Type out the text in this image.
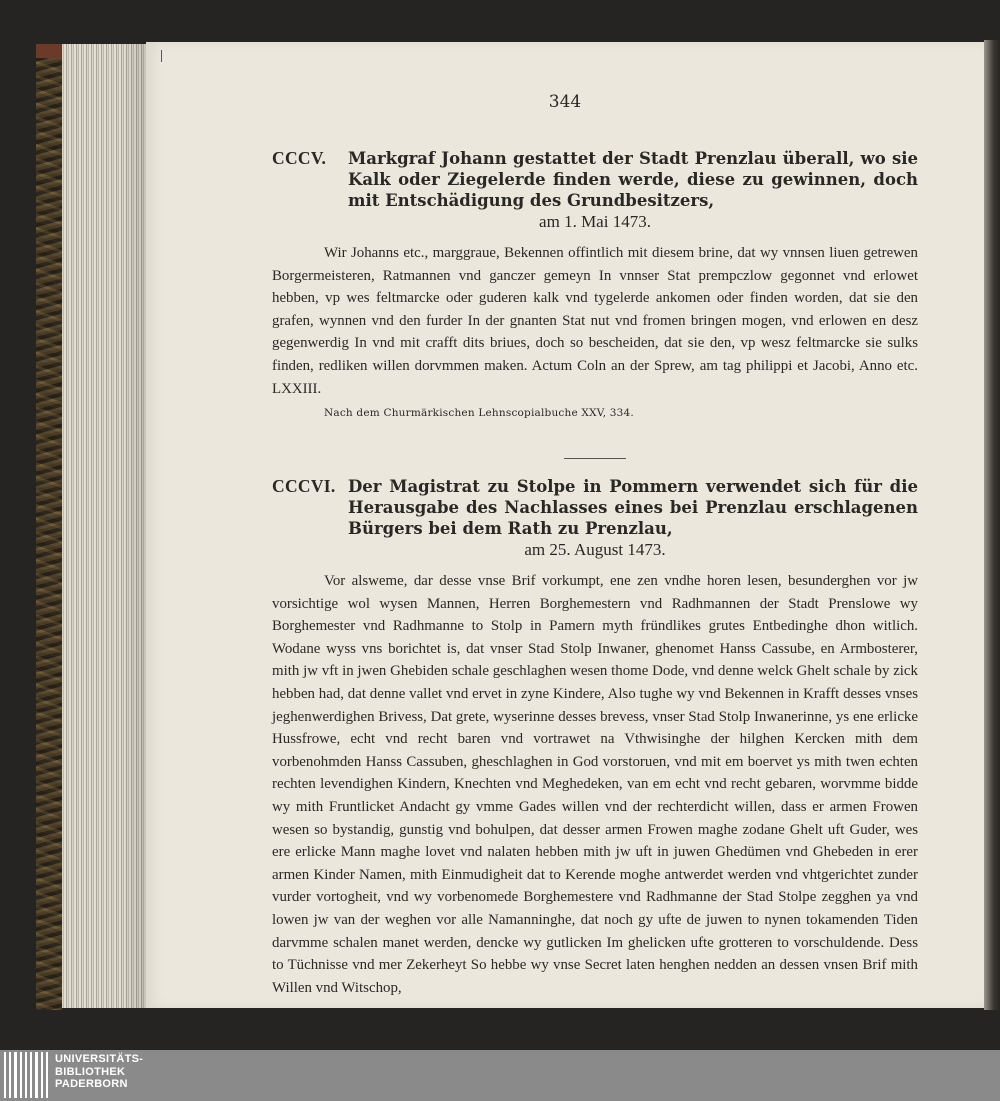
344
CCCV.	Markgraf Johann gestattet der Stadt Prenzlau überall, wo sie Kalk oder Ziegelerde finden werde, diese zu gewinnen, doch mit Entschädigung des Grundbesitzers,
am 1. Mai 1473.

Wir Johanns etc., marggraue, Bekennen offintlich mit diesem brine, dat wy vnnsen liuen getrewen Borgermeisteren, Ratmannen vnd ganczer gemeyn In vnnser Stat prempczlow gegonnet vnd erlowet hebben, vp wes feltmarcke oder guderen kalk vnd tygelerde ankomen oder finden worden, dat sie den grafen, wynnen vnd den furder In der gnanten Stat nut vnd fromen bringen mogen, vnd erlowen en desz gegenwerdig In vnd mit crafft dits briues, doch so bescheiden, dat sie den, vp wesz feltmarcke sie sulks finden, redliken willen dorvmmen maken. Actum Coln an der Sprew, am tag philippi et Jacobi, Anno etc. LXXIII.

Nach dem Churmärkischen Lehnscopialbuche XXV, 334.
CCCVI. Der Magistrat zu Stolpe in Pommern verwendet sich für die Herausgabe des Nachlasses eines bei Prenzlau erschlagenen Bürgers bei dem Rath zu Prenzlau,
am 25. August 1473.

Vor alsweme, dar desse vnse Brif vorkumpt, ene zen vndhe horen lesen, besunderghen vor jw vorsichtige wol wysen Mannen, Herren Borghemestern vnd Radhmannen der Stadt Prenslowe wy Borghemester vnd Radhmanne to Stolp in Pamern myth fründlikes grutes Entbedinghe dhon witlich. Wodane wyss vns borichtet is, dat vnser Stad Stolp Inwaner, ghenomet Hanss Cassube, en Armbosterer, mith jw vft in jwen Ghebiden schale geschlaghen wesen thome Dode, vnd denne welck Ghelt schale by zick hebben had, dat denne vallet vnd ervet in zyne Kindere, Also tughe wy vnd Bekennen in Krafft desses vnses jeghenwerdighen Brivess, Dat grete, wyserinne desses brevess, vnser Stad Stolp Inwanerinne, ys ene erlicke Hussfrowe, echt vnd recht baren vnd vortrawet na Vthwisinghe der hilghen Kercken mith dem vorbenohmden Hanss Cassuben, gheschlaghen in God vorstoruen, vnd mit em boervet ys mith twen echten rechten levendighen Kindern, Knechten vnd Meghedeken, van em echt vnd recht gebaren, worvmme bidde wy mith Fruntlicket Andacht gy vmme Gades willen vnd der rechterdicht willen, dass er armen Frowen wesen so bystandig, gunstig vnd bohulpen, dat desser armen Frowen maghe zodane Ghelt uft Guder, wes ere erlicke Mann maghe lovet vnd nalaten hebben mith jw uft in juwen Ghedümen vnd Ghebeden in erer armen Kinder Namen, mith Einmudigheit dat to Kerende moghe antwerdet werden vnd vhtgerichtet zunder vurder vortogheit, vnd wy vorbenomede Borghemestere vnd Radhmanne der Stad Stolpe zegghen ya vnd lowen jw van der weghen vor alle Namanninghe, dat noch gy ufte de juwen to nynen tokamenden Tiden darvmme schalen manet werden, dencke wy gutlicken Im ghelicken ufte grotteren to vorschuldende. Dess to Tüchnisse vnd mer Zekerheyt So hebbe wy vnse Secret laten henghen nedden an dessen vnsen Brif mith Willen vnd Witschop,

UNIVERSITÄTS-
BIBLIOTHEK
PADERBORN
